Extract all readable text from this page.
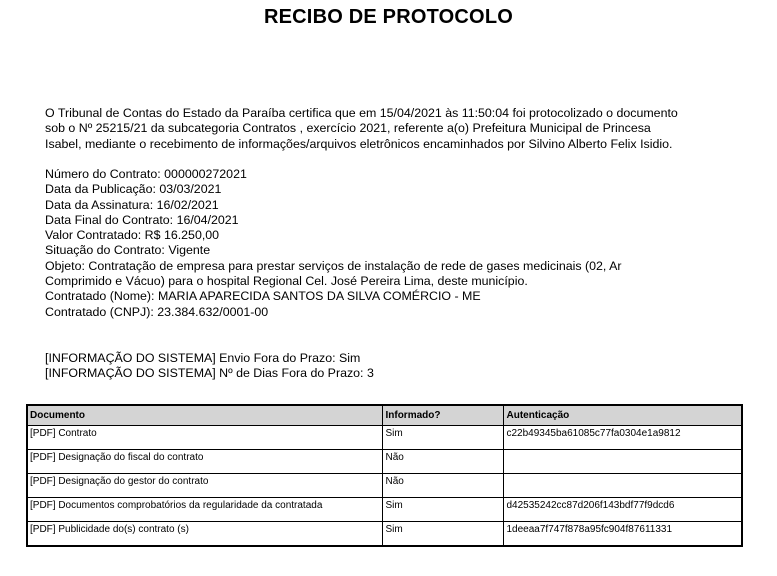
RECIBO DE PROTOCOLO
O Tribunal de Contas do Estado da Paraíba certifica que em 15/04/2021 às 11:50:04 foi protocolizado o documento
sob o Nº 25215/21 da subcategoria Contratos , exercício 2021, referente a(o) Prefeitura Municipal de Princesa
Isabel, mediante o recebimento de informações/arquivos eletrônicos encaminhados por Silvino Alberto Felix Isidio.
Número do Contrato: 000000272021
Data da Publicação: 03/03/2021
Data da Assinatura: 16/02/2021
Data Final do Contrato: 16/04/2021
Valor Contratado: R$ 16.250,00
Situação do Contrato: Vigente
Objeto: Contratação de empresa para prestar serviços de instalação de rede de gases medicinais (02, Ar
Comprimido e Vácuo) para o hospital Regional Cel. José Pereira Lima, deste município.
Contratado (Nome): MARIA APARECIDA SANTOS DA SILVA COMÉRCIO - ME
Contratado (CNPJ): 23.384.632/0001-00
[INFORMAÇÃO DO SISTEMA] Envio Fora do Prazo: Sim
[INFORMAÇÃO DO SISTEMA] Nº de Dias Fora do Prazo: 3
Documento	Informado?	Autenticação
[PDF] Contrato	Sim	c22b49345ba61085c77fa0304e1a9812
[PDF] Designação do fiscal do contrato	Não	
[PDF] Designação do gestor do contrato	Não	
[PDF] Documentos comprobatórios da regularidade da contratada	Sim	d42535242cc87d206f143bdf77f9dcd6
[PDF] Publicidade do(s) contrato (s)	Sim	1deeaa7f747f878a95fc904f87611331
